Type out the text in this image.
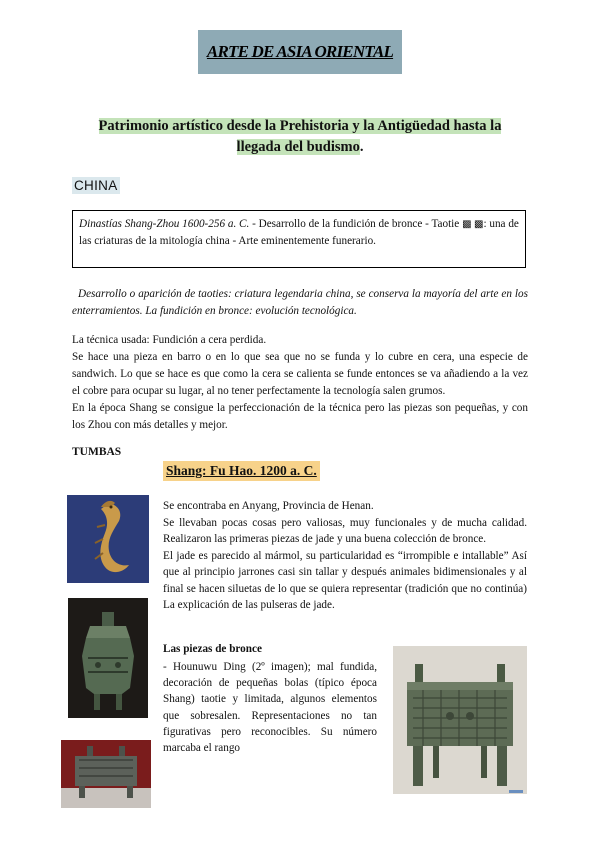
ARTE DE ASIA ORIENTAL
Patrimonio artístico desde la Prehistoria y la Antigüedad hasta la llegada del budismo.
CHINA
Dinastías Shang-Zhou 1600-256 a. C. - Desarrollo de la fundición de bronce - Taotie ▩ ▩: una de las criaturas de la mitología china - Arte eminentemente funerario.
Desarrollo o aparición de taoties: criatura legendaria china, se conserva la mayoría del arte en los enterramientos. La fundición en bronce: evolución tecnológica.

La técnica usada: Fundición a cera perdida.

Se hace una pieza en barro o en lo que sea que no se funda y lo cubre en cera, una especie de sandwich. Lo que se hace es que como la cera se calienta se funde entonces se va añadiendo a la vez el cobre para ocupar su lugar, al no tener perfectamente la tecnología salen grumos.

En la época Shang se consigue la perfeccionación de la técnica pero las piezas son pequeñas, y con los Zhou con más detalles y mejor.

TUMBAS
Shang: Fu Hao. 1200 a. C.

Se encontraba en Anyang, Provincia de Henan.

Se llevaban pocas cosas pero valiosas, muy funcionales y de mucha calidad. Realizaron las primeras piezas de jade y una buena colección de bronce.

El jade es parecido al mármol, su particularidad es “irrompible e intallable” Así que al principio jarrones casi sin tallar y después animales bidimensionales y al final se hacen siluetas de lo que se quiera representar (tradición que no continúa) La explicación de las pulseras de jade.

Las piezas de bronce
- Hounuwu Ding (2º imagen); mal fundida, decoración de pequeñas bolas (típico época Shang) taotie y limitada, algunos elementos que sobresalen. Representaciones no tan figurativas pero reconocibles. Su número marcaba el rango
